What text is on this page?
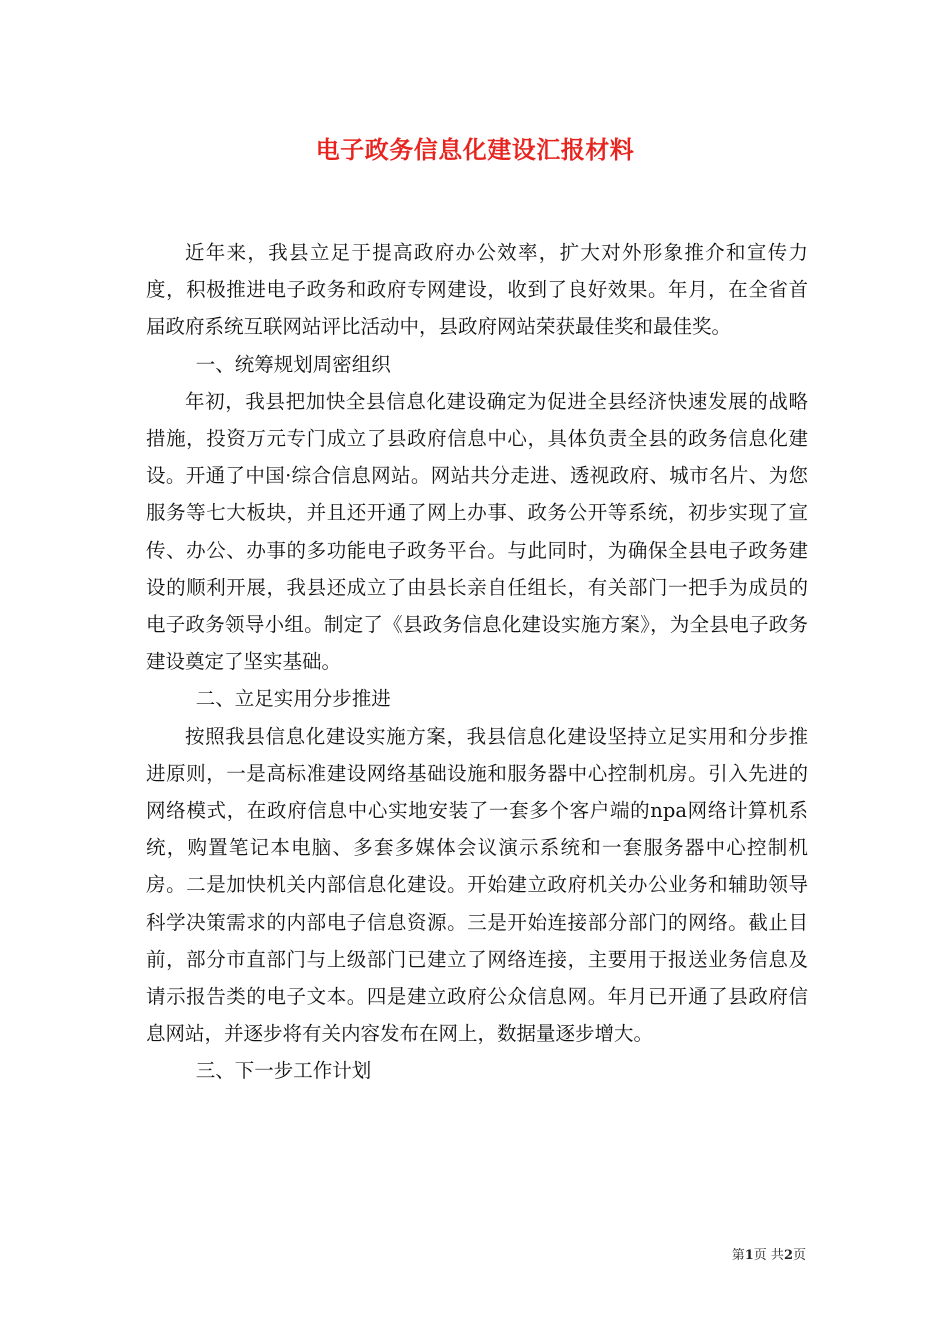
电子政务信息化建设汇报材料

近年来，我县立足于提高政府办公效率，扩大对外形象推介和宣传力度，积极推进电子政务和政府专网建设，收到了良好效果。年月，在全省首届政府系统互联网站评比活动中，县政府网站荣获最佳奖和最佳奖。

一、统筹规划周密组织

年初，我县把加快全县信息化建设确定为促进全县经济快速发展的战略措施，投资万元专门成立了县政府信息中心，具体负责全县的政务信息化建设。开通了中国·综合信息网站。网站共分走进、透视政府、城市名片、为您服务等七大板块，并且还开通了网上办事、政务公开等系统，初步实现了宣传、办公、办事的多功能电子政务平台。与此同时，为确保全县电子政务建设的顺利开展，我县还成立了由县长亲自任组长，有关部门一把手为成员的电子政务领导小组。制定了《县政务信息化建设实施方案》，为全县电子政务建设奠定了坚实基础。

二、立足实用分步推进

按照我县信息化建设实施方案，我县信息化建设坚持立足实用和分步推进原则，一是高标准建设网络基础设施和服务器中心控制机房。引入先进的网络模式，在政府信息中心实地安装了一套多个客户端的npa网络计算机系统，购置笔记本电脑、多套多媒体会议演示系统和一套服务器中心控制机房。二是加快机关内部信息化建设。开始建立政府机关办公业务和辅助领导科学决策需求的内部电子信息资源。三是开始连接部分部门的网络。截止目前，部分市直部门与上级部门已建立了网络连接，主要用于报送业务信息及请示报告类的电子文本。四是建立政府公众信息网。年月已开通了县政府信息网站，并逐步将有关内容发布在网上，数据量逐步增大。

三、下一步工作计划

第1页 共2页
